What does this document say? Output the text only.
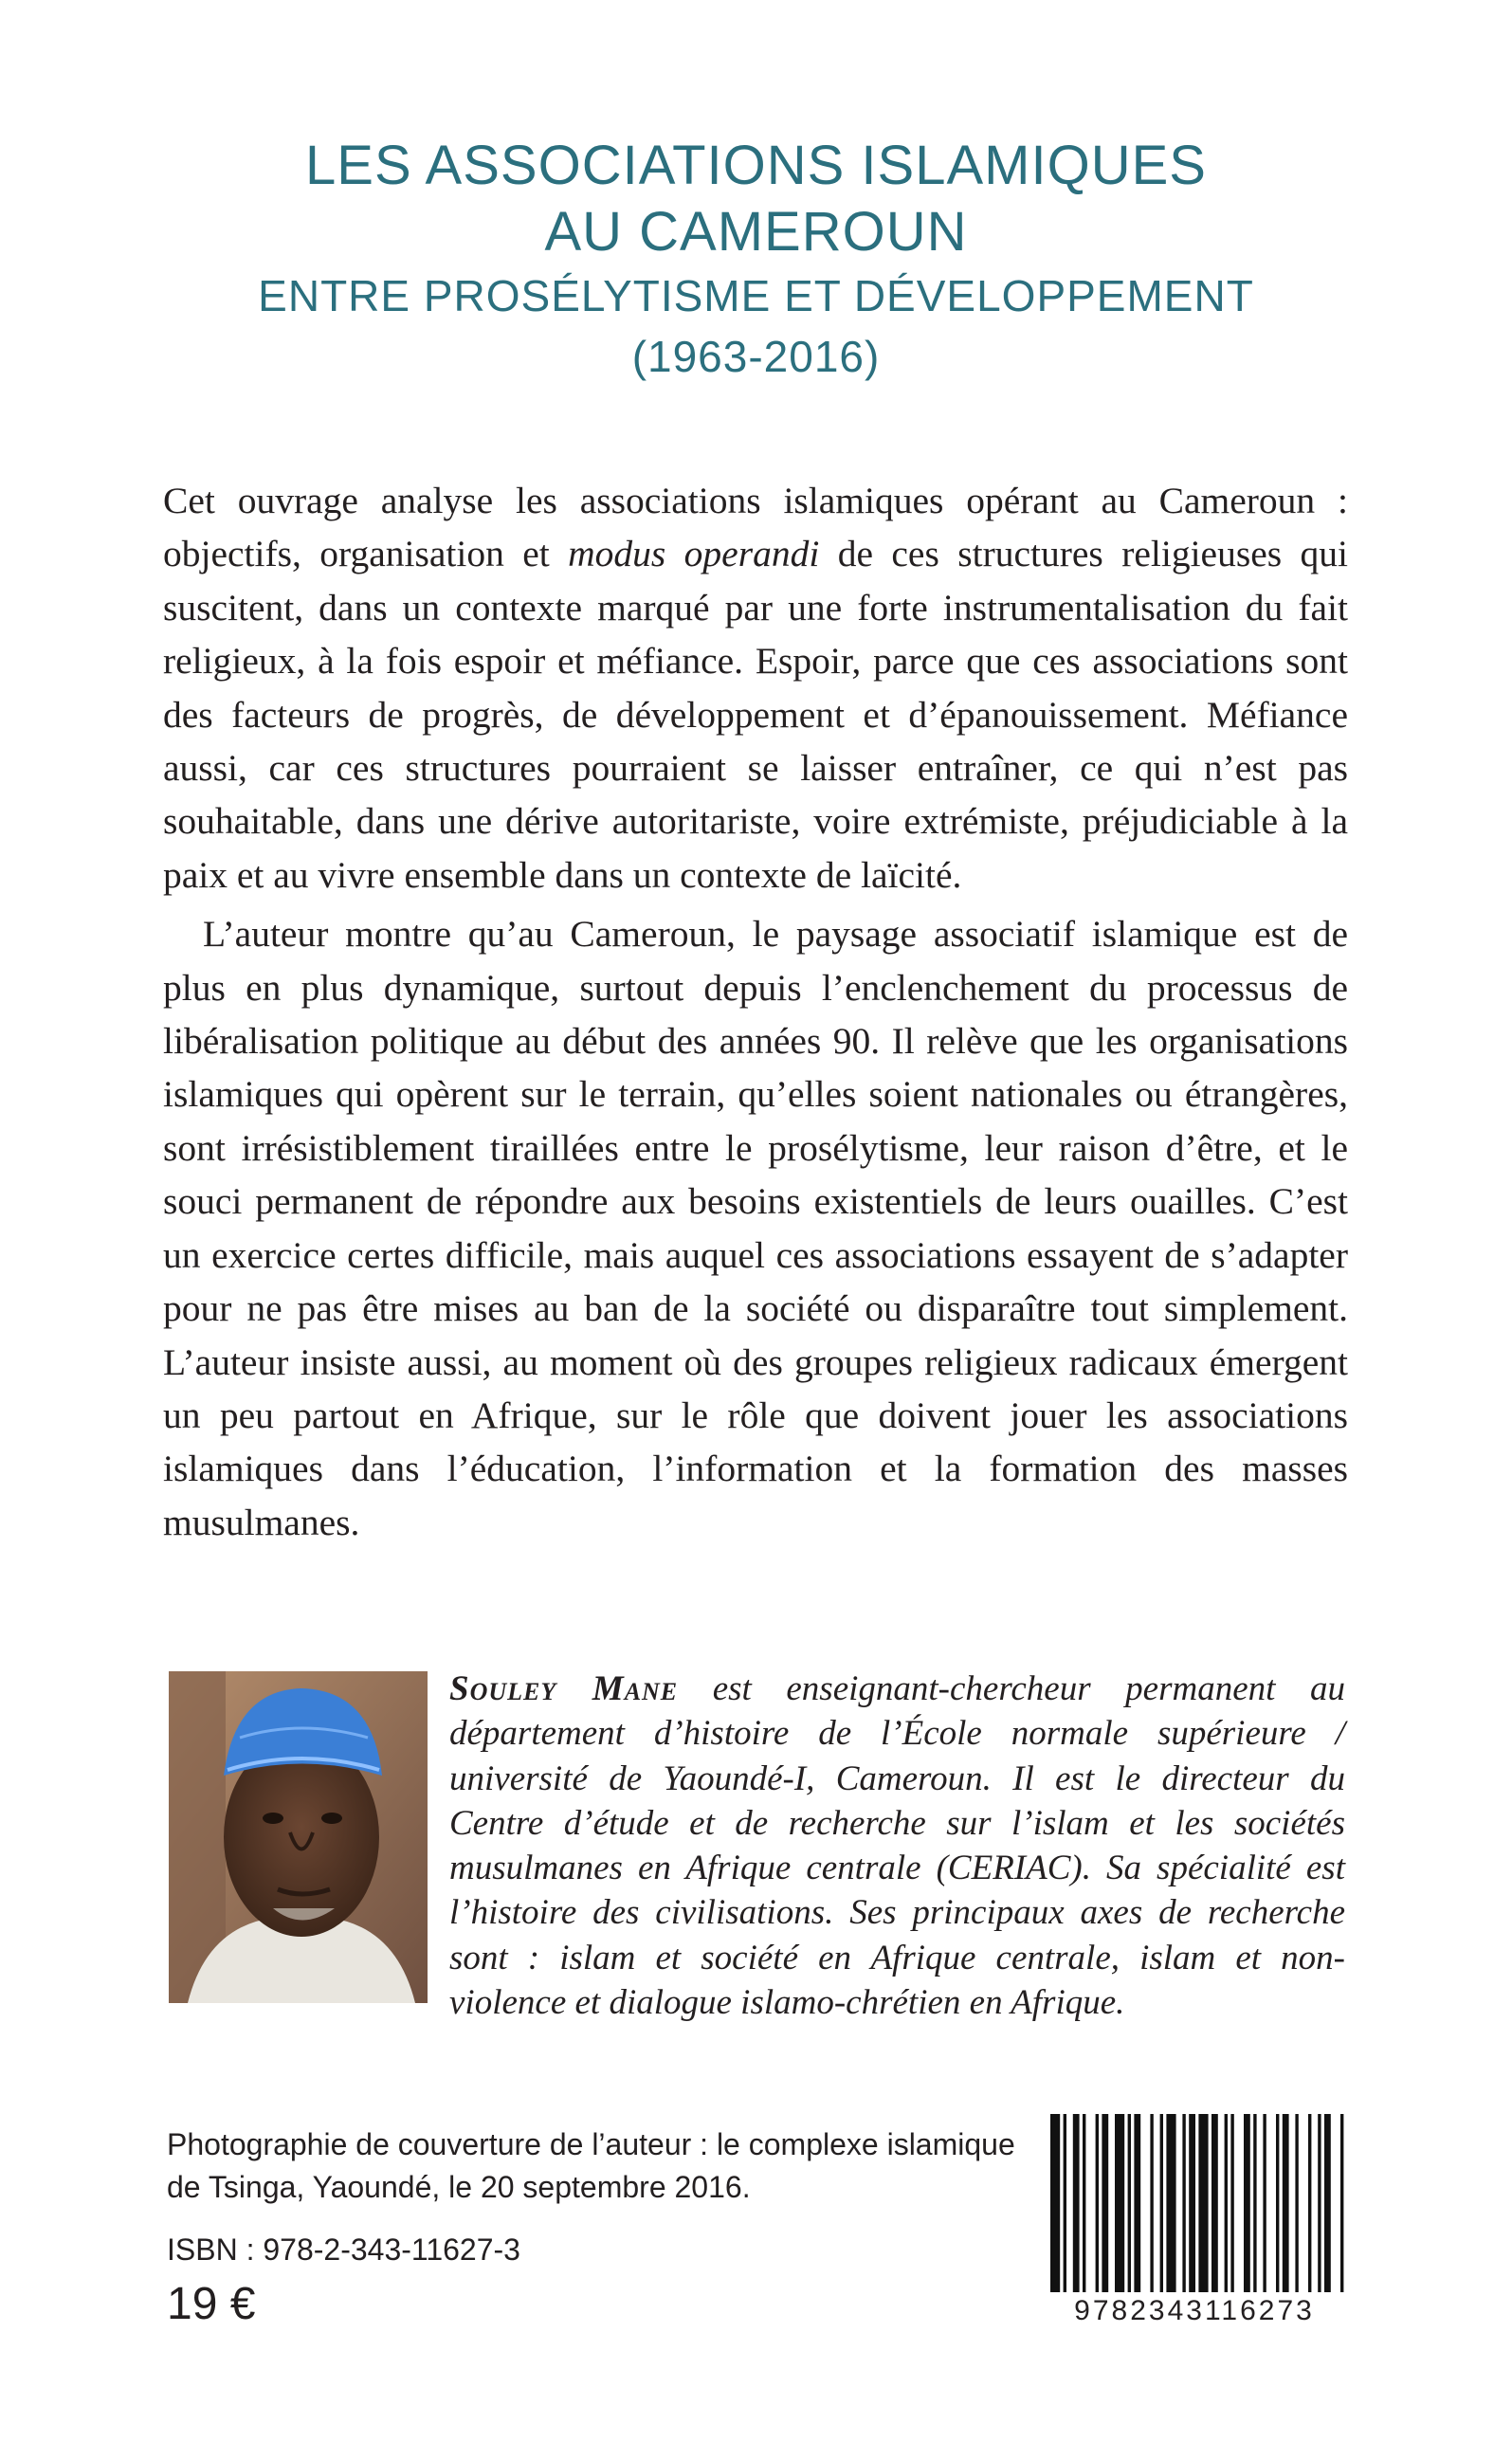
LES ASSOCIATIONS ISLAMIQUES
AU CAMEROUN
ENTRE PROSÉLYTISME ET DÉVELOPPEMENT
(1963-2016)

Cet ouvrage analyse les associations islamiques opérant au Cameroun : objectifs, organisation et modus operandi de ces structures religieuses qui suscitent, dans un contexte marqué par une forte instrumentalisation du fait religieux, à la fois espoir et méfiance. Espoir, parce que ces associations sont des facteurs de progrès, de développement et d’épanouissement. Méfiance aussi, car ces structures pourraient se laisser entraîner, ce qui n’est pas souhaitable, dans une dérive autoritariste, voire extrémiste, préjudiciable à la paix et au vivre ensemble dans un contexte de laïcité.

L’auteur montre qu’au Cameroun, le paysage associatif islamique est de plus en plus dynamique, surtout depuis l’enclenchement du processus de libéralisation politique au début des années 90. Il relève que les organisations islamiques qui opèrent sur le terrain, qu’elles soient nationales ou étrangères, sont irrésistiblement tiraillées entre le prosélytisme, leur raison d’être, et le souci permanent de répondre aux besoins existentiels de leurs ouailles. C’est un exercice certes difficile, mais auquel ces associations essayent de s’adapter pour ne pas être mises au ban de la société ou disparaître tout simplement. L’auteur insiste aussi, au moment où des groupes religieux radicaux émergent un peu partout en Afrique, sur le rôle que doivent jouer les associations islamiques dans l’éducation, l’information et la formation des masses musulmanes.

Souley Mane est enseignant-chercheur permanent au département d’histoire de l’École normale supérieure / université de Yaoundé-I, Cameroun. Il est le directeur du Centre d’étude et de recherche sur l’islam et les sociétés musulmanes en Afrique centrale (CERIAC). Sa spécialité est l’histoire des civilisations. Ses principaux axes de recherche sont : islam et société en Afrique centrale, islam et non-violence et dialogue islamo-chrétien en Afrique.

Photographie de couverture de l’auteur : le complexe islamique de Tsinga, Yaoundé, le 20 septembre 2016.
ISBN : 978-2-343-11627-3
19 €	9782343116273
